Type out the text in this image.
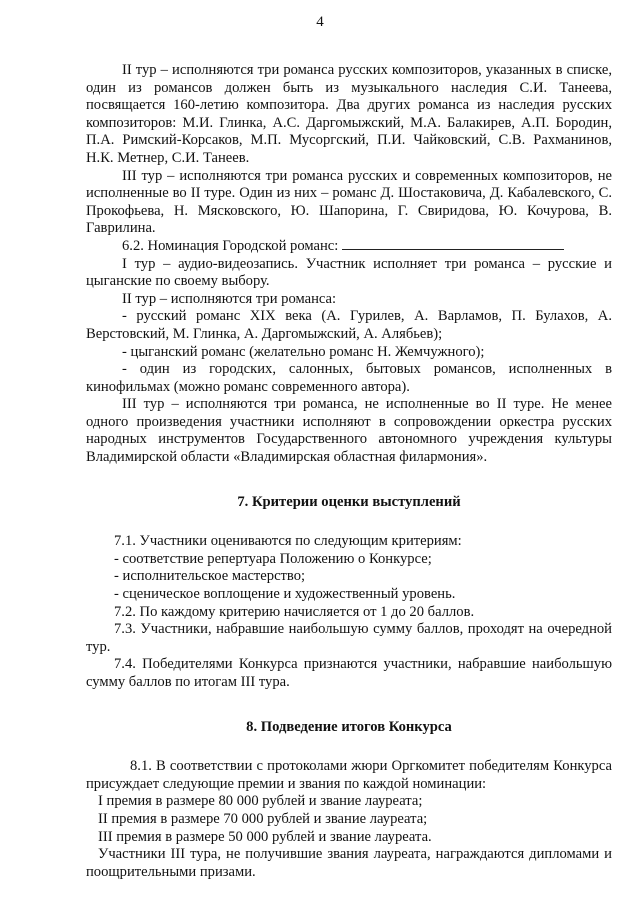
4

II тур – исполняются три романса русских композиторов, указанных в списке, один из романсов должен быть из музыкального наследия С.И. Танеева, посвящается 160-летию композитора. Два других романса из наследия русских композиторов: М.И. Глинка, А.С. Даргомыжский, М.А. Балакирев, А.П. Бородин, П.А. Римский-Корсаков, М.П. Мусоргский, П.И. Чайковский, С.В. Рахманинов, Н.К. Метнер, С.И. Танеев.

III тур – исполняются три романса русских и современных композиторов, не исполненные во II туре. Один из них – романс Д. Шостаковича, Д. Кабалевского, С. Прокофьева, Н. Мясковского, Ю. Шапорина, Г. Свиридова, Ю. Кочурова, В. Гаврилина.

6.2. Номинация Городской романс:

I тур – аудио-видеозапись. Участник исполняет три романса – русские и цыганские по своему выбору.

II тур – исполняются три романса:

- русский романс XIX века (А. Гурилев, А. Варламов, П. Булахов, А. Верстовский, М. Глинка, А. Даргомыжский, А. Алябьев);

- цыганский романс (желательно романс Н. Жемчужного);

- один из городских, салонных, бытовых романсов, исполненных в кинофильмах (можно романс современного автора).

III тур – исполняются три романса, не исполненные во II туре. Не менее одного произведения участники исполняют в сопровождении оркестра русских народных инструментов Государственного автономного учреждения культуры Владимирской области «Владимирская областная филармония».

7. Критерии оценки выступлений

7.1. Участники оцениваются по следующим критериям:

- соответствие репертуара Положению о Конкурсе;

- исполнительское мастерство;

- сценическое воплощение и художественный уровень.

7.2. По каждому критерию начисляется от 1 до 20 баллов.

7.3. Участники, набравшие наибольшую сумму баллов, проходят на очередной тур.

7.4. Победителями Конкурса признаются участники, набравшие наибольшую сумму баллов по итогам III тура.

8. Подведение итогов Конкурса

8.1. В соответствии с протоколами жюри Оргкомитет победителям Конкурса присуждает следующие премии и звания по каждой номинации:

I премия в размере 80 000 рублей и звание лауреата;

II премия в размере 70 000 рублей и звание лауреата;

III премия в размере 50 000 рублей и звание лауреата.

Участники III тура, не получившие звания лауреата, награждаются дипломами и поощрительными призами.
